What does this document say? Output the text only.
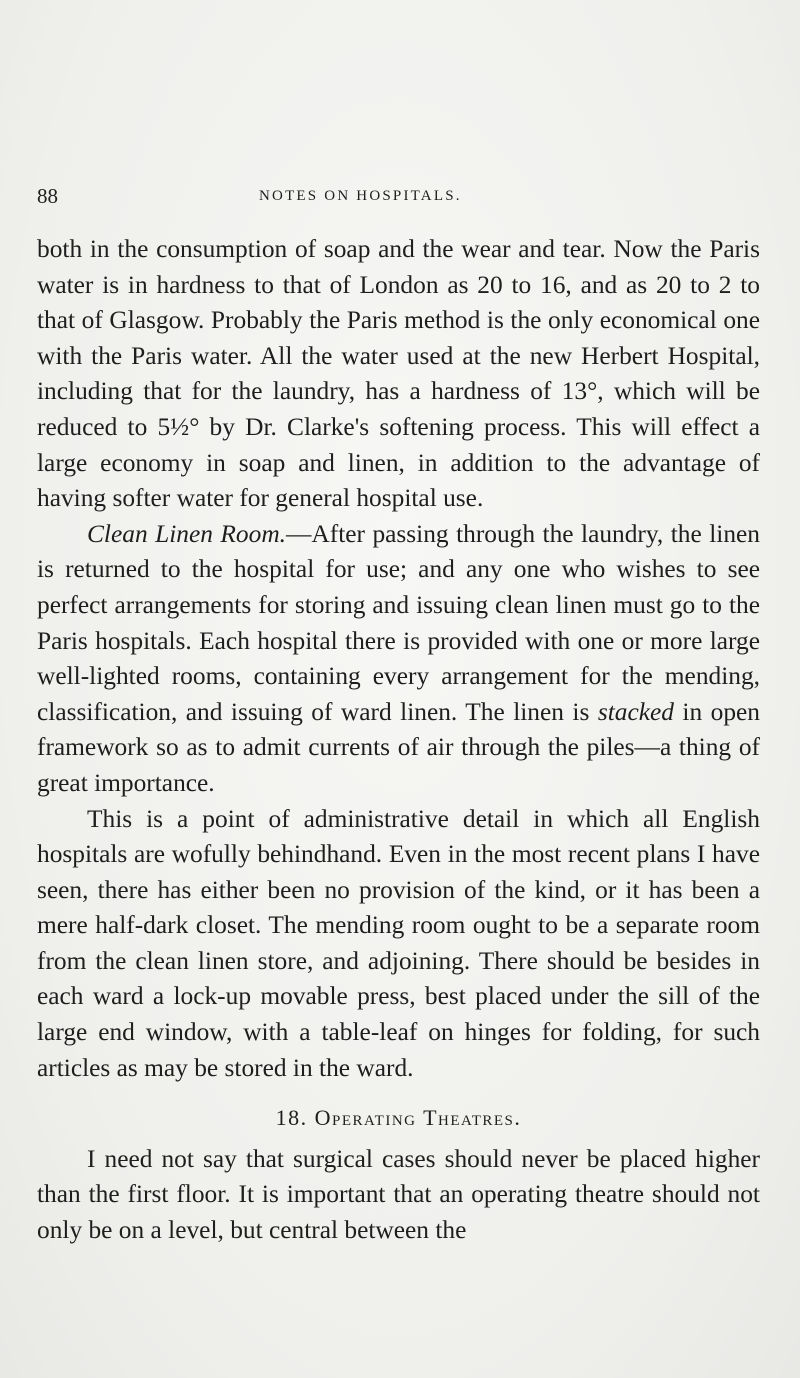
88	NOTES ON HOSPITALS.

both in the consumption of soap and the wear and tear. Now the Paris water is in hardness to that of London as 20 to 16, and as 20 to 2 to that of Glasgow. Probably the Paris method is the only economical one with the Paris water. All the water used at the new Herbert Hospital, including that for the laundry, has a hardness of 13°, which will be reduced to 5½° by Dr. Clarke's softening process. This will effect a large economy in soap and linen, in addition to the advantage of having softer water for general hospital use.

Clean Linen Room.—After passing through the laundry, the linen is returned to the hospital for use; and any one who wishes to see perfect arrangements for storing and issuing clean linen must go to the Paris hospitals. Each hospital there is provided with one or more large well-lighted rooms, containing every arrangement for the mending, classification, and issuing of ward linen. The linen is stacked in open framework so as to admit currents of air through the piles—a thing of great importance.

This is a point of administrative detail in which all English hospitals are wofully behindhand. Even in the most recent plans I have seen, there has either been no provision of the kind, or it has been a mere half-dark closet. The mending room ought to be a separate room from the clean linen store, and adjoining. There should be besides in each ward a lock-up movable press, best placed under the sill of the large end window, with a table-leaf on hinges for folding, for such articles as may be stored in the ward.

18. Operating Theatres.

I need not say that surgical cases should never be placed higher than the first floor. It is important that an operating theatre should not only be on a level, but central between the
